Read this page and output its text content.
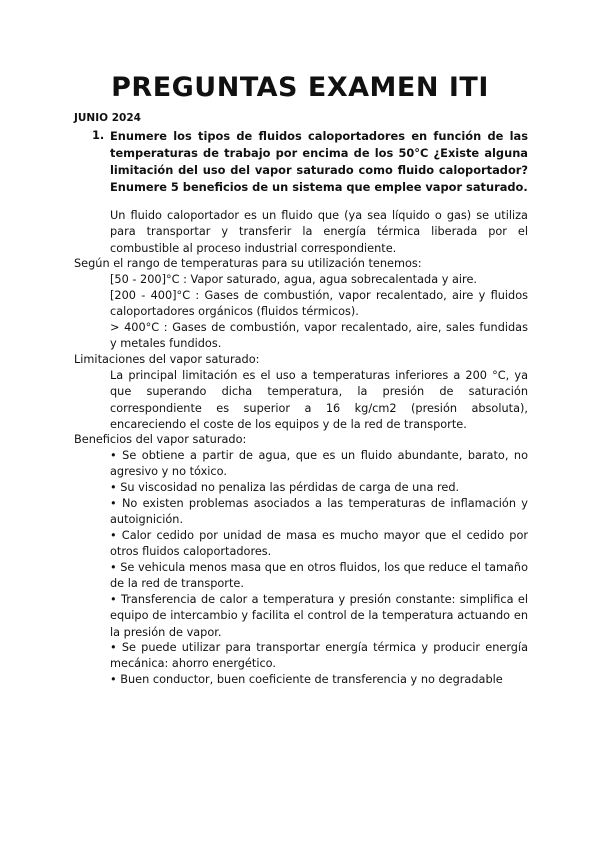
PREGUNTAS EXAMEN ITI
JUNIO 2024
1. Enumere los tipos de fluidos caloportadores en función de las temperaturas de trabajo por encima de los 50°C ¿Existe alguna limitación del uso del vapor saturado como fluido caloportador? Enumere 5 beneficios de un sistema que emplee vapor saturado.
Un fluido caloportador es un fluido que (ya sea líquido o gas) se utiliza para transportar y transferir la energía térmica liberada por el combustible al proceso industrial correspondiente.
Según el rango de temperaturas para su utilización tenemos:
[50 - 200]°C : Vapor saturado, agua, agua sobrecalentada y aire.
[200 - 400]°C : Gases de combustión, vapor recalentado, aire y fluidos caloportadores orgánicos (fluidos térmicos).
> 400°C : Gases de combustión, vapor recalentado, aire, sales fundidas y metales fundidos.
Limitaciones del vapor saturado:
La principal limitación es el uso a temperaturas inferiores a 200 °C, ya que superando dicha temperatura, la presión de saturación correspondiente es superior a 16 kg/cm2 (presión absoluta), encareciendo el coste de los equipos y de la red de transporte.
Beneficios del vapor saturado:
• Se obtiene a partir de agua, que es un fluido abundante, barato, no agresivo y no tóxico.
• Su viscosidad no penaliza las pérdidas de carga de una red.
• No existen problemas asociados a las temperaturas de inflamación y autoignición.
• Calor cedido por unidad de masa es mucho mayor que el cedido por otros fluidos caloportadores.
• Se vehicula menos masa que en otros fluidos, los que reduce el tamaño de la red de transporte.
• Transferencia de calor a temperatura y presión constante: simplifica el equipo de intercambio y facilita el control de la temperatura actuando en la presión de vapor.
• Se puede utilizar para transportar energía térmica y producir energía mecánica: ahorro energético.
• Buen conductor, buen coeficiente de transferencia y no degradable
